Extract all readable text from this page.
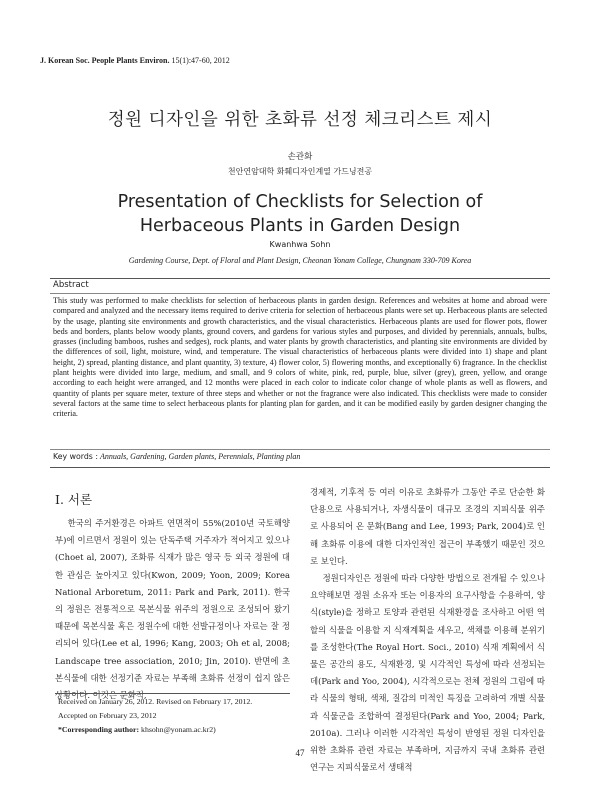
J. Korean Soc. People Plants Environ. 15(1):47-60, 2012
정원 디자인을 위한 초화류 선정 체크리스트 제시
손관화
천안연암대학 화훼디자인계열 가드닝전공
Presentation of Checklists for Selection of
Herbaceous Plants in Garden Design
Kwanhwa Sohn
Gardening Course, Dept. of Floral and Plant Design, Cheonan Yonam College, Chungnam 330-709 Korea
Abstract
This study was performed to make checklists for selection of herbaceous plants in garden design. References and websites at home and abroad were compared and analyzed and the necessary items required to derive criteria for selection of herbaceous plants were set up. Herbaceous plants are selected by the usage, planting site environments and growth characteristics, and the visual characteristics. Herbaceous plants are used for flower pots, flower beds and borders, plants below woody plants, ground covers, and gardens for various styles and purposes, and divided by perennials, annuals, bulbs, grasses (including bamboos, rushes and sedges), rock plants, and water plants by growth characteristics, and planting site environments are divided by the differences of soil, light, moisture, wind, and temperature. The visual characteristics of herbaceous plants were divided into 1) shape and plant height, 2) spread, planting distance, and plant quantity, 3) texture, 4) flower color, 5) flowering months, and exceptionally 6) fragrance. In the checklist plant heights were divided into large, medium, and small, and 9 colors of white, pink, red, purple, blue, silver (grey), green, yellow, and orange according to each height were arranged, and 12 months were placed in each color to indicate color change of whole plants as well as flowers, and quantity of plants per square meter, texture of three steps and whether or not the fragrance were also indicated. This checklists were made to consider several factors at the same time to select herbaceous plants for planting plan for garden, and it can be modified easily by garden designer changing the criteria.
Key words : Annuals, Gardening, Garden plants, Perennials, Planting plan
I. 서론

한국의 주거환경은 아파트 연면적이 55%(2010년 국토해양부)에 이르면서 정원이 있는 단독주택 거주자가 적어지고 있으나(Choet al, 2007), 조화류 식재가 많은 영국 등 외국 정원에 대한 관심은 높아지고 있다(Kwon, 2009; Yoon, 2009; Korea National Arboretum, 2011: Park and Park, 2011). 한국의 정원은 전통적으로 목본식물 위주의 정원으로 조성되어 왔기 때문에 목본식물 혹은 정원수에 대한 선발규정이나 자료는 잘 정리되어 있다(Lee et al, 1996; Kang, 2003; Oh et al, 2008; Landscape tree association, 2010; Jin, 2010). 반면에 초본식물에 대한 선정기준 자료는 부족해 초화류 선정이 쉽지 않은 상황이다. 이것은 문화적,

경제적, 기후적 등 여러 이유로 초화류가 그동안 주로 단순한 화단용으로 사용되거나, 자생식물이 대규모 조경의 지피식물 위주로 사용되어 온 문화(Bang and Lee, 1993; Park, 2004)로 인해 초화류 이용에 대한 디자인적인 접근이 부족했기 때문인 것으로 보인다.

정원디자인은 정원에 따라 다양한 방법으로 전개될 수 있으나 요약해보면 정원 소유자 또는 이용자의 요구사항을 수용하여, 양식(style)을 정하고 토양과 관련된 식재환경을 조사하고 어떤 역할의 식물을 이용할 지 식재계획을 세우고, 색채를 이용해 분위기를 조성한다(The Royal Hort. Soci., 2010) 식재 계획에서 식물은 공간의 용도, 식재환경, 및 시각적인 특성에 따라 선정되는데(Park and Yoo, 2004), 시각적으로는 전체 정원의 그림에 따라 식물의 형태, 색채, 질감의 미적인 특징을 고려하여 개별 식물과 식물군을 조합하여 결정된다(Park and Yoo, 2004; Park, 2010a). 그러나 이러한 시각적인 특성이 반영된 정원 디자인을 위한 초화류 관련 자료는 부족하며, 지금까지 국내 초화류 관련 연구는 지피식물로서 생태적

Received on January 26, 2012. Revised on February 17, 2012.
Accepted on February 23, 2012
*Corresponding author: khsohn@yonam.ac.kr2)
47
